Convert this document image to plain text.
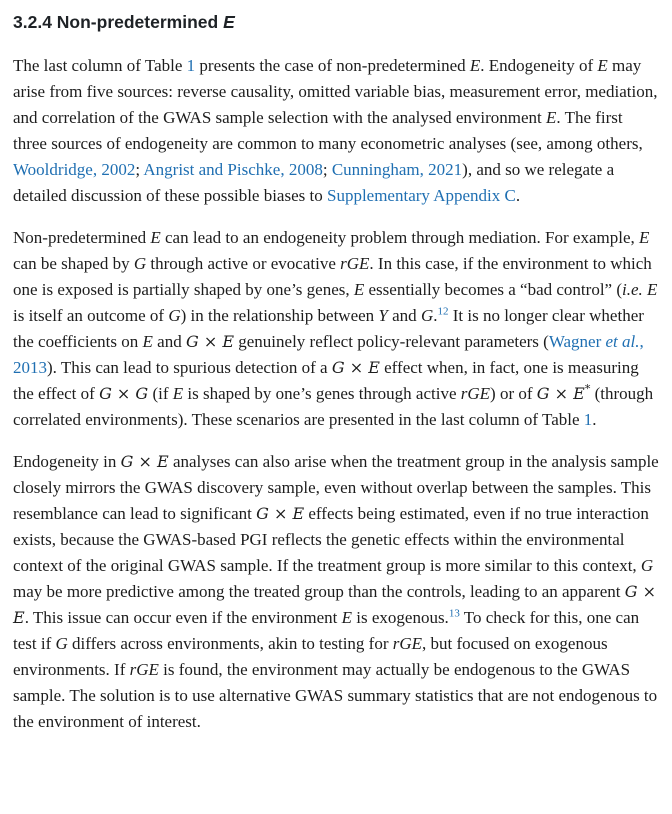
3.2.4 Non-predetermined E

The last column of Table 1 presents the case of non-predetermined E. Endogeneity of E may arise from five sources: reverse causality, omitted variable bias, measurement error, mediation, and correlation of the GWAS sample selection with the analysed environment E. The first three sources of endogeneity are common to many econometric analyses (see, among others, Wooldridge, 2002; Angrist and Pischke, 2008; Cunningham, 2021), and so we relegate a detailed discussion of these possible biases to Supplementary Appendix C.

Non-predetermined E can lead to an endogeneity problem through mediation. For example, E can be shaped by G through active or evocative rGE. In this case, if the environment to which one is exposed is partially shaped by one’s genes, E essentially becomes a “bad control” (i.e. E is itself an outcome of G) in the relationship between Y and G.$^{12}$ It is no longer clear whether the coefficients on E and G × E genuinely reflect policy-relevant parameters (Wagner et al., 2013). This can lead to spurious detection of a G × E effect when, in fact, one is measuring the effect of G × G (if E is shaped by one’s genes through active rGE) or of G × E* (through correlated environments). These scenarios are presented in the last column of Table 1.

Endogeneity in G × E analyses can also arise when the treatment group in the analysis sample closely mirrors the GWAS discovery sample, even without overlap between the samples. This resemblance can lead to significant G × E effects being estimated, even if no true interaction exists, because the GWAS-based PGI reflects the genetic effects within the environmental context of the original GWAS sample. If the treatment group is more similar to this context, G may be more predictive among the treated group than the controls, leading to an apparent G × E. This issue can occur even if the environment E is exogenous.$^{13}$ To check for this, one can test if G differs across environments, akin to testing for rGE, but focused on exogenous environments. If rGE is found, the environment may actually be endogenous to the GWAS sample. The solution is to use alternative GWAS summary statistics that are not endogenous to the environment of interest.
